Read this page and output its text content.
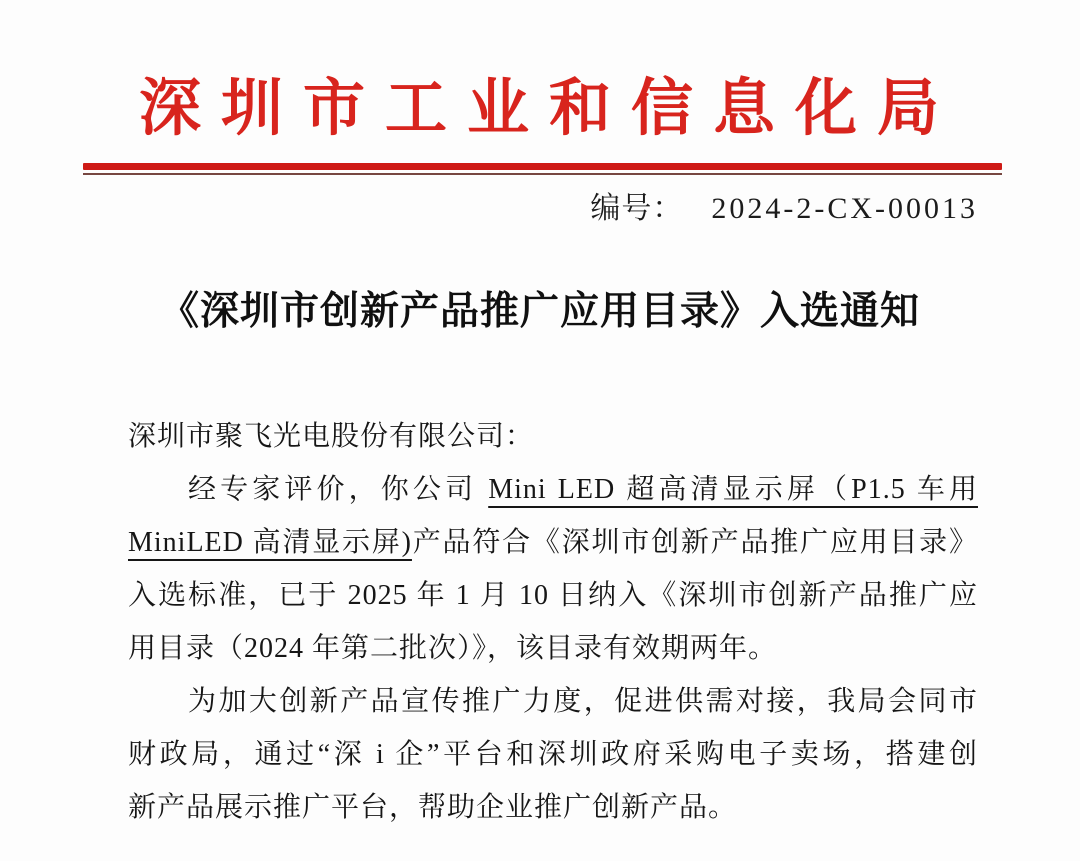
深圳市工业和信息化局
编号： 2024-2-CX-00013
《深圳市创新产品推广应用目录》入选通知
深圳市聚飞光电股份有限公司：
经专家评价，你公司 Mini LED 超高清显示屏（P1.5 车用
MiniLED 高清显示屏)产品符合《深圳市创新产品推广应用目录》
入选标准，已于 2025 年 1 月 10 日纳入《深圳市创新产品推广应
用目录（2024 年第二批次）》，该目录有效期两年。
为加大创新产品宣传推广力度，促进供需对接，我局会同市
财政局，通过“深 i 企”平台和深圳政府采购电子卖场，搭建创
新产品展示推广平台，帮助企业推广创新产品。
